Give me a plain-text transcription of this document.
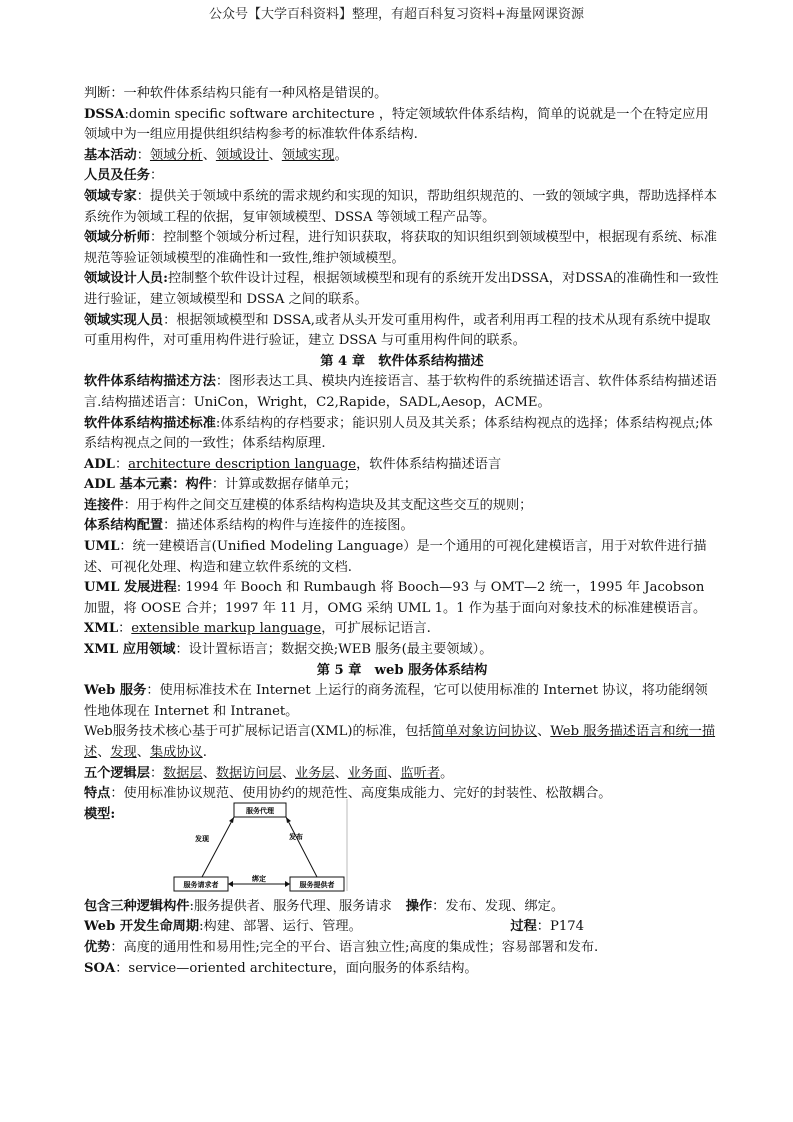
公众号【大学百科资料】整理，有超百科复习资料+海量网课资源

判断：一种软件体系结构只能有一种风格是错误的。

DSSA:domin specific software architecture ，特定领域软件体系结构，简单的说就是一个在特定应用领域中为一组应用提供组织结构参考的标准软件体系结构.

基本活动：领域分析、领域设计、领域实现。

人员及任务：

领域专家：提供关于领域中系统的需求规约和实现的知识，帮助组织规范的、一致的领域字典，帮助选择样本系统作为领域工程的依据，复审领域模型、DSSA 等领域工程产品等。

领域分析师：控制整个领域分析过程，进行知识获取，将获取的知识组织到领域模型中，根据现有系统、标准规范等验证领域模型的准确性和一致性,维护领域模型。

领域设计人员:控制整个软件设计过程，根据领域模型和现有的系统开发出DSSA，对DSSA的准确性和一致性进行验证，建立领域模型和 DSSA 之间的联系。

领域实现人员：根据领域模型和 DSSA,或者从头开发可重用构件，或者利用再工程的技术从现有系统中提取可重用构件，对可重用构件进行验证，建立 DSSA 与可重用构件间的联系。

第 4 章　软件体系结构描述

软件体系结构描述方法：图形表达工具、模块内连接语言、基于软构件的系统描述语言、软件体系结构描述语言.结构描述语言：UniCon，Wright，C2,Rapide，SADL,Aesop，ACME。

软件体系结构描述标准:体系结构的存档要求；能识别人员及其关系；体系结构视点的选择；体系结构视点;体系结构视点之间的一致性；体系结构原理.

ADL：architecture description language，软件体系结构描述语言

ADL 基本元素：构件：计算或数据存储单元；

连接件：用于构件之间交互建模的体系结构构造块及其支配这些交互的规则；

体系结构配置：描述体系结构的构件与连接件的连接图。

UML：统一建模语言(Unified Modeling Language）是一个通用的可视化建模语言，用于对软件进行描述、可视化处理、构造和建立软件系统的文档.

UML 发展进程: 1994 年 Booch 和 Rumbaugh 将 Booch—93 与 OMT—2 统一，1995 年 Jacobson 加盟，将 OOSE 合并；1997 年 11 月，OMG 采纳 UML 1。1 作为基于面向对象技术的标准建模语言。

XML：extensible markup language，可扩展标记语言.

XML 应用领域：设计置标语言；数据交换;WEB 服务(最主要领域）。

第 5 章　web 服务体系结构

Web 服务：使用标准技术在 Internet 上运行的商务流程，它可以使用标准的 Internet 协议，将功能纲领性地体现在 Internet 和 Intranet。

Web服务技术核心基于可扩展标记语言(XML)的标准，包括简单对象访问协议、Web 服务描述语言和统一描述、发现、集成协议.

五个逻辑层：数据层、数据访问层、业务层、业务面、监听者。

特点：使用标准协议规范、使用协约的规范性、高度集成能力、完好的封装性、松散耦合。

模型:	服务代理
服务请求者	服务提供者
发现	发布
绑定

包含三种逻辑构件:服务提供者、服务代理、服务请求 操作：发布、发现、绑定。

Web 开发生命周期:构建、部署、运行、管理。	过程：P174

优势：高度的通用性和易用性;完全的平台、语言独立性;高度的集成性；容易部署和发布.

SOA：service—oriented architecture，面向服务的体系结构。
